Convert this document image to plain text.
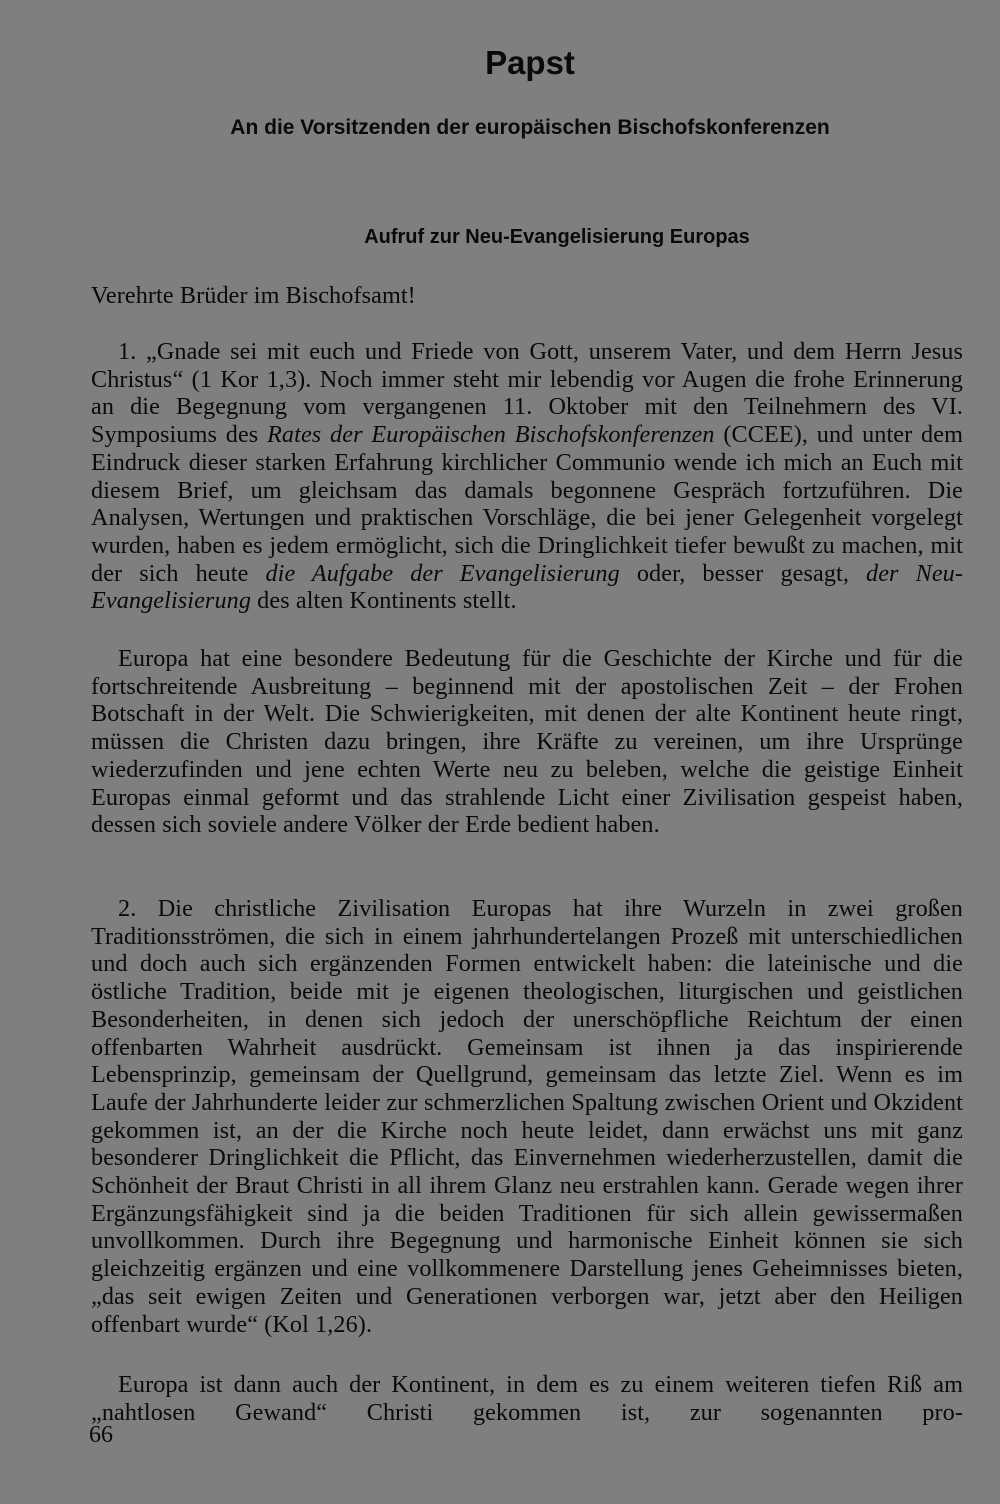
Papst
An die Vorsitzenden der europäischen Bischofskonferenzen
Aufruf zur Neu-Evangelisierung Europas

Verehrte Brüder im Bischofsamt!

1. „Gnade sei mit euch und Friede von Gott, unserem Vater, und dem Herrn Jesus Christus“ (1 Kor 1,3). Noch immer steht mir lebendig vor Augen die frohe Erinnerung an die Begegnung vom vergangenen 11. Oktober mit den Teilnehmern des VI. Symposiums des Rates der Europäischen Bischofskonferenzen (CCEE), und unter dem Eindruck dieser starken Erfahrung kirchlicher Communio wende ich mich an Euch mit diesem Brief, um gleichsam das damals begonnene Gespräch fortzuführen. Die Analysen, Wertungen und praktischen Vorschläge, die bei jener Gelegenheit vorgelegt wurden, haben es jedem ermöglicht, sich die Dringlichkeit tiefer bewußt zu machen, mit der sich heute die Aufgabe der Evangelisierung oder, besser gesagt, der Neu-Evangelisierung des alten Kontinents stellt.

Europa hat eine besondere Bedeutung für die Geschichte der Kirche und für die fortschreitende Ausbreitung – beginnend mit der apostolischen Zeit – der Frohen Botschaft in der Welt. Die Schwierigkeiten, mit denen der alte Kontinent heute ringt, müssen die Christen dazu bringen, ihre Kräfte zu vereinen, um ihre Ursprünge wiederzufinden und jene echten Werte neu zu beleben, welche die geistige Einheit Europas einmal geformt und das strahlende Licht einer Zivilisation gespeist haben, dessen sich soviele andere Völker der Erde bedient haben.

2. Die christliche Zivilisation Europas hat ihre Wurzeln in zwei großen Traditionsströmen, die sich in einem jahrhundertelangen Prozeß mit unterschiedlichen und doch auch sich ergänzenden Formen entwickelt haben: die lateinische und die östliche Tradition, beide mit je eigenen theologischen, liturgischen und geistlichen Besonderheiten, in denen sich jedoch der unerschöpfliche Reichtum der einen offenbarten Wahrheit ausdrückt. Gemeinsam ist ihnen ja das inspirierende Lebensprinzip, gemeinsam der Quellgrund, gemeinsam das letzte Ziel. Wenn es im Laufe der Jahrhunderte leider zur schmerzlichen Spaltung zwischen Orient und Okzident gekommen ist, an der die Kirche noch heute leidet, dann erwächst uns mit ganz besonderer Dringlichkeit die Pflicht, das Einvernehmen wiederherzustellen, damit die Schönheit der Braut Christi in all ihrem Glanz neu erstrahlen kann. Gerade wegen ihrer Ergänzungsfähigkeit sind ja die beiden Traditionen für sich allein gewissermaßen unvollkommen. Durch ihre Begegnung und harmonische Einheit können sie sich gleichzeitig ergänzen und eine vollkommenere Darstellung jenes Geheimnisses bieten, „das seit ewigen Zeiten und Generationen verborgen war, jetzt aber den Heiligen offenbart wurde“ (Kol 1,26).

Europa ist dann auch der Kontinent, in dem es zu einem weiteren tiefen Riß am „nahtlosen Gewand“ Christi gekommen ist, zur sogenannten pro-

66
